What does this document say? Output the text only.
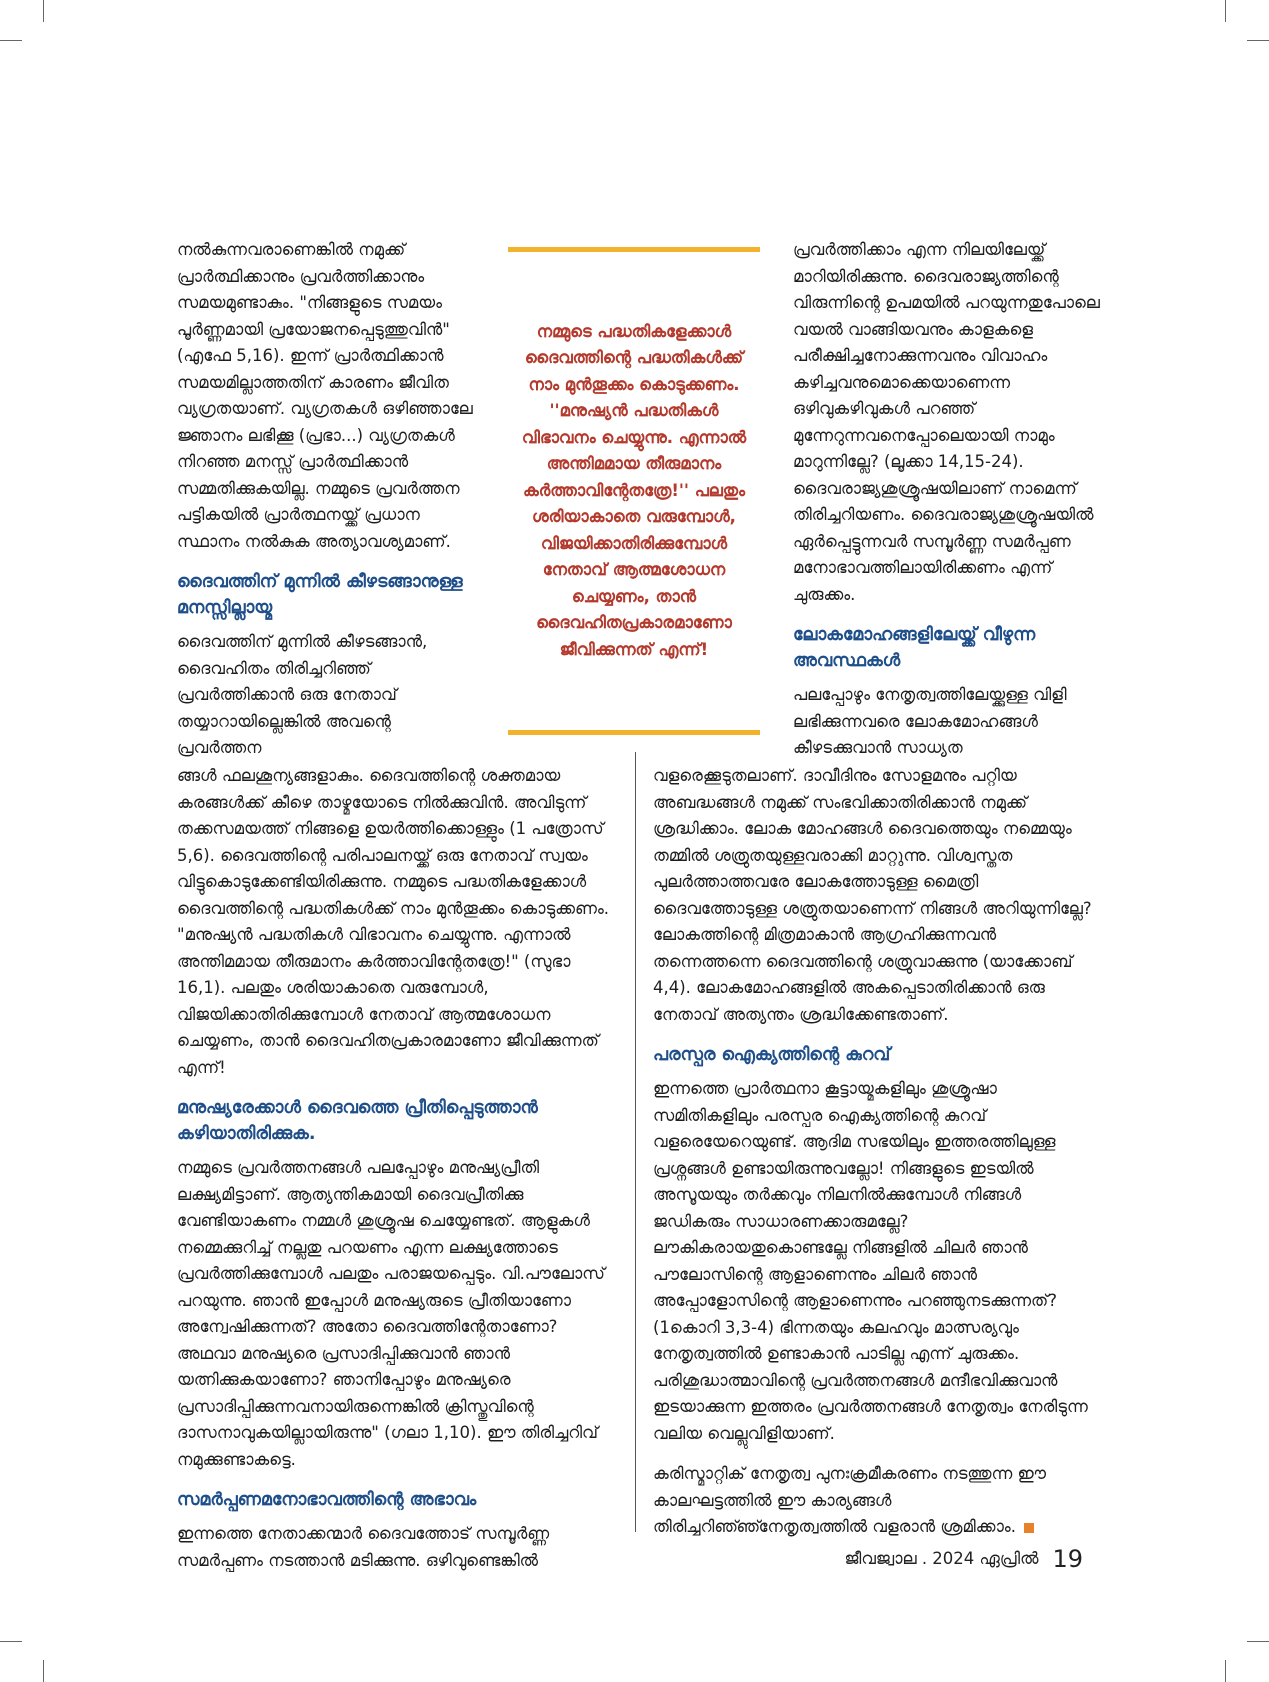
നൽകുന്നവരാണെങ്കിൽ നമുക്ക് പ്രാർത്ഥിക്കാനും പ്രവർത്തിക്കാനും സമയമുണ്ടാകും. "നിങ്ങളുടെ സമയം പൂർണ്ണമായി പ്രയോജനപ്പെടുത്തുവിൻ" (എഫേ 5,16). ഇന്ന് പ്രാർത്ഥിക്കാൻ സമയമില്ലാത്തതിന് കാരണം ജീവിത വ്യഗ്രതയാണ്. വ്യഗ്രതകൾ ഒഴിഞ്ഞാലേ ജ്ഞാനം ലഭിക്കൂ (പ്രഭാ...) വ്യഗ്രതകൾ നിറഞ്ഞ മനസ്സ് പ്രാർത്ഥിക്കാൻ സമ്മതിക്കുകയില്ല. നമ്മുടെ പ്രവർത്തന പട്ടികയിൽ പ്രാർത്ഥനയ്ക്ക് പ്രധാന സ്ഥാനം നൽകുക അത്യാവശ്യമാണ്.

ദൈവത്തിന് മുന്നിൽ കീഴടങ്ങാനുള്ള മനസ്സില്ലായ്മ

ദൈവത്തിന് മുന്നിൽ കീഴടങ്ങാൻ, ദൈവഹിതം തിരിച്ചറിഞ്ഞ് പ്രവർത്തിക്കാൻ ഒരു നേതാവ് തയ്യാറായില്ലെങ്കിൽ അവന്റെ പ്രവർത്തന

നമ്മുടെ പദ്ധതികളേക്കാൾ ദൈവത്തിന്റെ പദ്ധതികൾക്ക് നാം മുൻതൂക്കം കൊടുക്കണം. ''മനുഷ്യൻ പദ്ധതികൾ വിഭാവനം ചെയ്യുന്നു. എന്നാൽ അന്തിമമായ തീരുമാനം കർത്താവിന്റേതത്രേ!'' പലതും ശരിയാകാതെ വരുമ്പോൾ, വിജയിക്കാതിരിക്കുമ്പോൾ നേതാവ് ആത്മശോധന ചെയ്യണം, താൻ ദൈവഹിതപ്രകാരമാണോ ജീവിക്കുന്നത് എന്ന്!

ങ്ങൾ ഫലശൂന്യങ്ങളാകും. ദൈവത്തിന്റെ ശക്തമായ കരങ്ങൾക്ക് കീഴെ താഴ്മയോടെ നിൽക്കുവിൻ. അവിടുന്ന് തക്കസമയത്ത് നിങ്ങളെ ഉയർത്തിക്കൊള്ളും (1 പത്രോസ് 5,6). ദൈവത്തിന്റെ പരിപാലനയ്ക്ക് ഒരു നേതാവ് സ്വയം വിട്ടുകൊടുക്കേണ്ടിയിരിക്കുന്നു. നമ്മുടെ പദ്ധതികളേക്കാൾ ദൈവത്തിന്റെ പദ്ധതികൾക്ക് നാം മുൻതൂക്കം കൊടുക്കണം. "മനുഷ്യൻ പദ്ധതികൾ വിഭാവനം ചെയ്യുന്നു. എന്നാൽ അന്തിമമായ തീരുമാനം കർത്താവിന്റേതത്രേ!" (സുഭാ 16,1). പലതും ശരിയാകാതെ വരുമ്പോൾ, വിജയിക്കാതിരിക്കുമ്പോൾ നേതാവ് ആത്മശോധന ചെയ്യണം, താൻ ദൈവഹിതപ്രകാരമാണോ ജീവിക്കുന്നത് എന്ന്!

മനുഷ്യരേക്കാൾ ദൈവത്തെ പ്രീതിപ്പെടുത്താൻ കഴിയാതിരിക്കുക.

നമ്മുടെ പ്രവർത്തനങ്ങൾ പലപ്പോഴും മനുഷ്യപ്രീതി ലക്ഷ്യമിട്ടാണ്. ആത്യന്തികമായി ദൈവപ്രീതിക്കു വേണ്ടിയാകണം നമ്മൾ ശുശ്രൂഷ ചെയ്യേണ്ടത്. ആളുകൾ നമ്മെക്കുറിച്ച് നല്ലതു പറയണം എന്ന ലക്ഷ്യത്തോടെ പ്രവർത്തിക്കുമ്പോൾ പലതും പരാജയപ്പെടും. വി.പൗലോസ് പറയുന്നു. ഞാൻ ഇപ്പോൾ മനുഷ്യരുടെ പ്രീതിയാണോ അന്വേഷിക്കുന്നത്? അതോ ദൈവത്തിന്റേതാണോ? അഥവാ മനുഷ്യരെ പ്രസാദിപ്പിക്കുവാൻ ഞാൻ യത്നിക്കുകയാണോ? ഞാനിപ്പോഴും മനുഷ്യരെ പ്രസാദിപ്പിക്കുന്നവനായിരുന്നെങ്കിൽ ക്രിസ്തുവിന്റെ ദാസനാവുകയില്ലായിരുന്നു" (ഗലാ 1,10). ഈ തിരിച്ചറിവ് നമുക്കുണ്ടാകട്ടെ.

സമർപ്പണമനോഭാവത്തിന്റെ അഭാവം

ഇന്നത്തെ നേതാക്കന്മാർ ദൈവത്തോട് സമ്പൂർണ്ണ സമർപ്പണം നടത്താൻ മടിക്കുന്നു. ഒഴിവുണ്ടെങ്കിൽ

പ്രവർത്തിക്കാം എന്ന നിലയിലേയ്ക്ക് മാറിയിരിക്കുന്നു. ദൈവരാജ്യത്തിന്റെ വിരുന്നിന്റെ ഉപമയിൽ പറയുന്നതുപോലെ വയൽ വാങ്ങിയവനും കാളകളെ പരീക്ഷിച്ചനോക്കുന്നവനും വിവാഹം കഴിച്ചവനുമൊക്കെയാണെന്ന ഒഴിവുകഴിവുകൾ പറഞ്ഞ് മുന്നേറുന്നവനെപ്പോലെയായി നാമും മാറുന്നില്ലേ? (ലൂക്കാ 14,15-24). ദൈവരാജ്യശുശ്രൂഷയിലാണ് നാമെന്ന് തിരിച്ചറിയണം. ദൈവരാജ്യശുശ്രൂഷയിൽ ഏർപ്പെട്ടുന്നവർ സമ്പൂർണ്ണ സമർപ്പണ മനോഭാവത്തിലായിരിക്കണം എന്ന് ചുരുക്കം.

ലോകമോഹങ്ങളിലേയ്ക്ക് വീഴുന്ന അവസ്ഥകൾ

പലപ്പോഴും നേതൃത്വത്തിലേയ്ക്കുള്ള വിളി ലഭിക്കുന്നവരെ ലോകമോഹങ്ങൾ കീഴടക്കുവാൻ സാധ്യത

വളരെക്കൂടുതലാണ്. ദാവീദിനും സോളമനും പറ്റിയ അബദ്ധങ്ങൾ നമുക്ക് സംഭവിക്കാതിരിക്കാൻ നമുക്ക് ശ്രദ്ധിക്കാം. ലോക മോഹങ്ങൾ ദൈവത്തെയും നമ്മെയും തമ്മിൽ ശത്രുതയുള്ളവരാക്കി മാറ്റുന്നു. വിശ്വസ്തത പുലർത്താത്തവരേ ലോകത്തോടുള്ള മൈത്രി ദൈവത്തോടുള്ള ശത്രുതയാണെന്ന് നിങ്ങൾ അറിയുന്നില്ലേ? ലോകത്തിന്റെ മിത്രമാകാൻ ആഗ്രഹിക്കുന്നവൻ തന്നെത്തന്നെ ദൈവത്തിന്റെ ശത്രുവാക്കുന്നു (യാക്കോബ് 4,4). ലോകമോഹങ്ങളിൽ അകപ്പെടാതിരിക്കാൻ ഒരു നേതാവ് അത്യന്തം ശ്രദ്ധിക്കേണ്ടതാണ്.

പരസ്പര ഐക്യത്തിന്റെ കുറവ്

ഇന്നത്തെ പ്രാർത്ഥനാ കൂട്ടായ്മകളിലും ശുശ്രൂഷാ സമിതികളിലും പരസ്പര ഐക്യത്തിന്റെ കുറവ് വളരെയേറെയുണ്ട്. ആദിമ സഭയിലും ഇത്തരത്തിലുള്ള പ്രശ്നങ്ങൾ ഉണ്ടായിരുന്നുവല്ലോ! നിങ്ങളുടെ ഇടയിൽ അസൂയയും തർക്കവും നിലനിൽക്കുമ്പോൾ നിങ്ങൾ ജഡികരും സാധാരണക്കാരുമല്ലേ? ലൗകികരായതുകൊണ്ടല്ലേ നിങ്ങളിൽ ചിലർ ഞാൻ പൗലോസിന്റെ ആളാണെന്നും ചിലർ ഞാൻ അപ്പോളോസിന്റെ ആളാണെന്നും പറഞ്ഞുനടക്കുന്നത്? (1കൊറി 3,3-4) ഭിന്നതയും കലഹവും മാത്സര്യവും നേതൃത്വത്തിൽ ഉണ്ടാകാൻ പാടില്ല എന്ന് ചുരുക്കം. പരിശുദ്ധാത്മാവിന്റെ പ്രവർത്തനങ്ങൾ മന്ദീഭവിക്കുവാൻ ഇടയാക്കുന്ന ഇത്തരം പ്രവർത്തനങ്ങൾ നേതൃത്വം നേരിടുന്ന വലിയ വെല്ലുവിളിയാണ്.

കരിസ്മാറ്റിക് നേതൃത്വ പുനഃക്രമീകരണം നടത്തുന്ന ഈ കാലഘട്ടത്തിൽ ഈ കാര്യങ്ങൾ തിരിച്ചറിഞ്ഞ്നേതൃത്വത്തിൽ വളരാൻ ശ്രമിക്കാം.

ജീവജ്വാല . 2024 ഏപ്രിൽ 19
